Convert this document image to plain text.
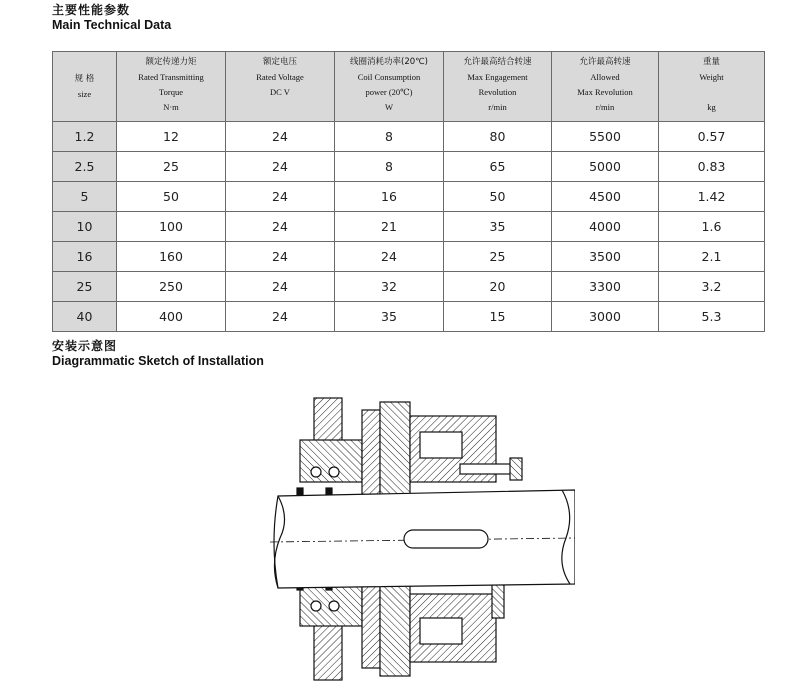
主要性能参数
Main Technical Data
规 格
size	额定传递力矩
Rated Transmitting
Torque
N·m	额定电压
Rated Voltage
DC V	线圈消耗功率(20℃)
Coil Consumption
power (20℃)
W	允许最高结合转速
Max Engagement
Revolution
r/min	允许最高转速
Allowed
Max Revolution
r/min	重量
Weight

kg

1.2	12	24	8	80	5500	0.57
2.5	25	24	8	65	5000	0.83
5	50	24	16	50	4500	1.42
10	100	24	21	35	4000	1.6
16	160	24	24	25	3500	2.1
25	250	24	32	20	3300	3.2
40	400	24	35	15	3000	5.3
安装示意图
Diagrammatic Sketch of Installation
